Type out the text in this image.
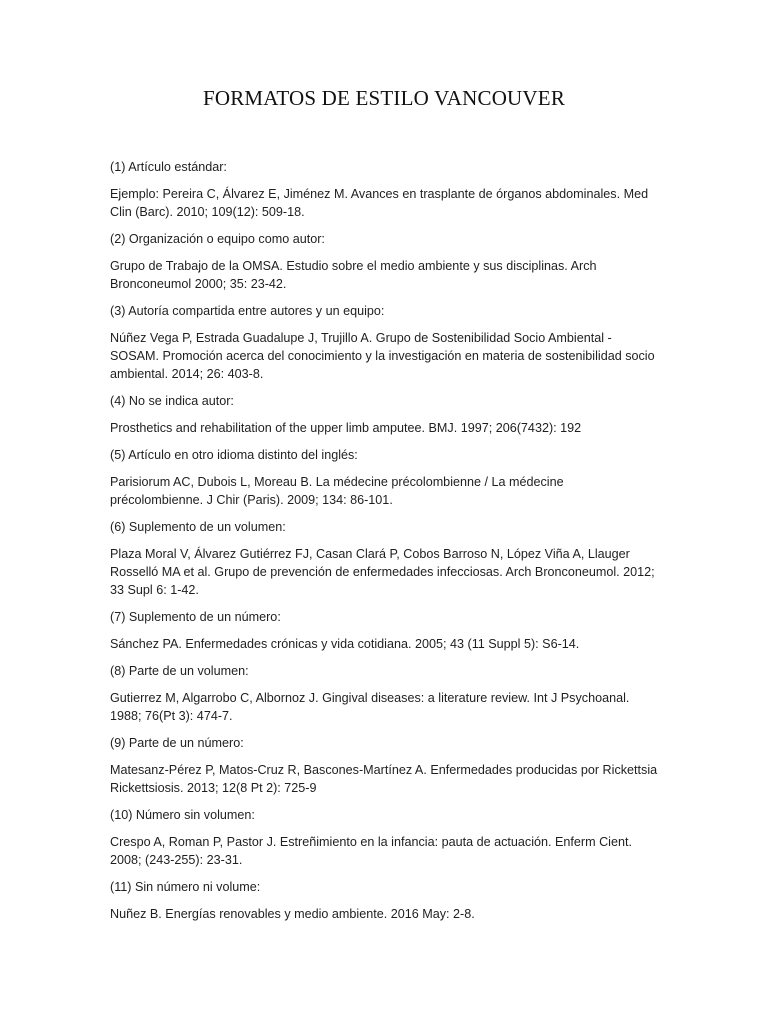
FORMATOS DE ESTILO VANCOUVER

(1) Artículo estándar:

Ejemplo: Pereira C, Álvarez E, Jiménez M. Avances en trasplante de órganos abdominales. Med Clin (Barc). 2010; 109(12): 509-18.

(2) Organización o equipo como autor:

Grupo de Trabajo de la OMSA. Estudio sobre el medio ambiente y sus disciplinas. Arch Bronconeumol 2000; 35: 23-42.

(3) Autoría compartida entre autores y un equipo:

Núñez Vega P, Estrada Guadalupe J, Trujillo A. Grupo de Sostenibilidad Socio Ambiental - SOSAM. Promoción acerca del conocimiento y la investigación en materia de sostenibilidad socio ambiental. 2014; 26: 403-8.

(4) No se indica autor:

Prosthetics and rehabilitation of the upper limb amputee. BMJ. 1997; 206(7432): 192

(5) Artículo en otro idioma distinto del inglés:

Parisiorum AC, Dubois L, Moreau B. La médecine précolombienne / La médecine précolombienne. J Chir (Paris). 2009; 134: 86-101.

(6) Suplemento de un volumen:

Plaza Moral V, Álvarez Gutiérrez FJ, Casan Clará P, Cobos Barroso N, López Viña A, Llauger Rosselló MA et al. Grupo de prevención de enfermedades infecciosas. Arch Bronconeumol. 2012; 33 Supl 6: 1-42.

(7) Suplemento de un número:

Sánchez PA. Enfermedades crónicas y vida cotidiana. 2005; 43 (11 Suppl 5): S6-14.

(8) Parte de un volumen:

Gutierrez M, Algarrobo C, Albornoz J. Gingival diseases: a literature review. Int J Psychoanal. 1988; 76(Pt 3): 474-7.

(9) Parte de un número:

Matesanz-Pérez P, Matos-Cruz R, Bascones-Martínez A. Enfermedades producidas por Rickettsia Rickettsiosis. 2013; 12(8 Pt 2): 725-9

(10) Número sin volumen:

Crespo A, Roman P, Pastor J. Estreñimiento en la infancia: pauta de actuación. Enferm Cient. 2008; (243-255): 23-31.

(11) Sin número ni volume:

Nuñez B. Energías renovables y medio ambiente. 2016 May: 2-8.
